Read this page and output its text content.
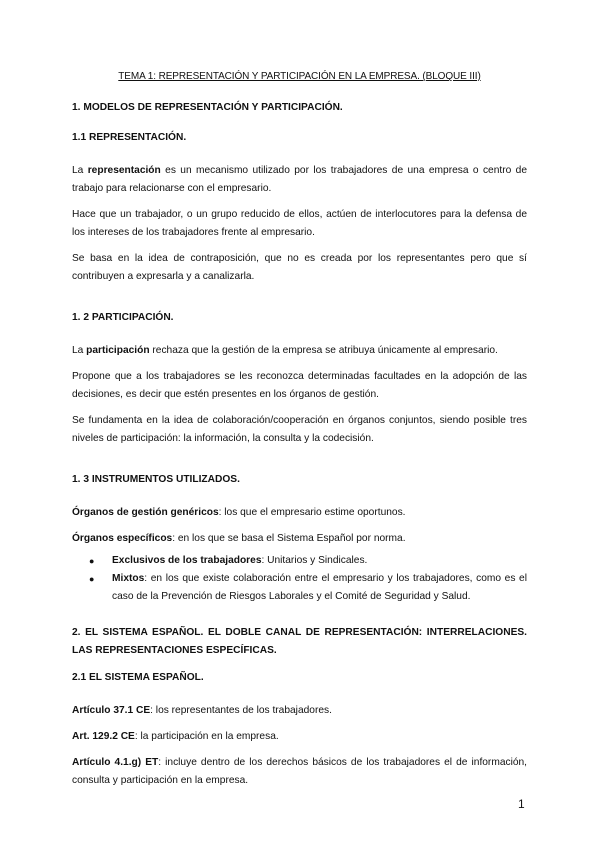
TEMA 1: REPRESENTACIÓN Y PARTICIPACIÓN EN LA EMPRESA. (BLOQUE III)
1. MODELOS DE REPRESENTACIÓN Y PARTICIPACIÓN.
1.1 REPRESENTACIÓN.

La representación es un mecanismo utilizado por los trabajadores de una empresa o centro de trabajo para relacionarse con el empresario.

Hace que un trabajador, o un grupo reducido de ellos, actúen de interlocutores para la defensa de los intereses de los trabajadores frente al empresario.

Se basa en la idea de contraposición, que no es creada por los representantes pero que sí contribuyen a expresarla y a canalizarla.

1. 2 PARTICIPACIÓN.

La participación rechaza que la gestión de la empresa se atribuya únicamente al empresario.

Propone que a los trabajadores se les reconozca determinadas facultades en la adopción de las decisiones, es decir que estén presentes en los órganos de gestión.

Se fundamenta en la idea de colaboración/cooperación en órganos conjuntos, siendo posible tres niveles de participación: la información, la consulta y la codecisión.

1. 3 INSTRUMENTOS UTILIZADOS.

Órganos de gestión genéricos: los que el empresario estime oportunos.

Órganos específicos: en los que se basa el Sistema Español por norma.

● Exclusivos de los trabajadores: Unitarios y Sindicales.
● Mixtos: en los que existe colaboración entre el empresario y los trabajadores, como es el caso de la Prevención de Riesgos Laborales y el Comité de Seguridad y Salud.

2. EL SISTEMA ESPAÑOL. EL DOBLE CANAL DE REPRESENTACIÓN: INTERRELACIONES. LAS REPRESENTACIONES ESPECÍFICAS.

2.1 EL SISTEMA ESPAÑOL.

Artículo 37.1 CE: los representantes de los trabajadores.

Art. 129.2 CE: la participación en la empresa.

Artículo 4.1.g) ET: incluye dentro de los derechos básicos de los trabajadores el de información, consulta y participación en la empresa.

1
